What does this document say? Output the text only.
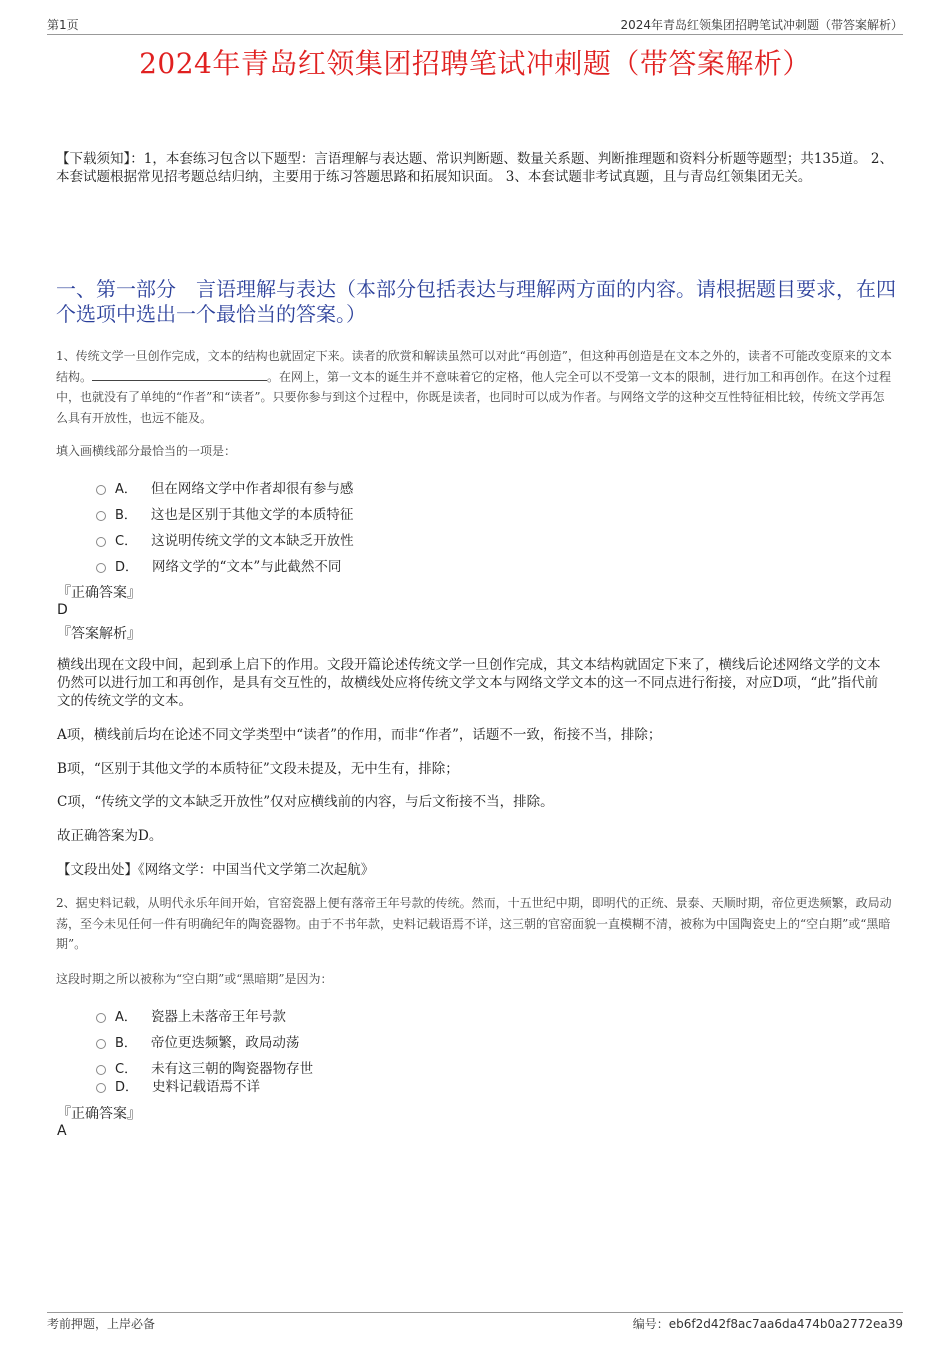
第1页	2024年青岛红领集团招聘笔试冲刺题（带答案解析）
2024年青岛红领集团招聘笔试冲刺题（带答案解析）
【下载须知】：1，本套练习包含以下题型：言语理解与表达题、常识判断题、数量关系题、判断推理题和资料分析题等题型；共135道。 2、本套试题根据常见招考题总结归纳，主要用于练习答题思路和拓展知识面。 3、本套试题非考试真题，且与青岛红领集团无关。
一、第一部分　言语理解与表达（本部分包括表达与理解两方面的内容。请根据题目要求，在四个选项中选出一个最恰当的答案。）
1、传统文学一旦创作完成，文本的结构也就固定下来。读者的欣赏和解读虽然可以对此“再创造”，但这种再创造是在文本之外的，读者不可能改变原来的文本结构。	。在网上，第一文本的诞生并不意味着它的定格，他人完全可以不受第一文本的限制，进行加工和再创作。在这个过程中，也就没有了单纯的“作者”和“读者”。只要你参与到这个过程中，你既是读者，也同时可以成为作者。与网络文学的这种交互性特征相比较，传统文学再怎么具有开放性，也远不能及。
填入画横线部分最恰当的一项是：
A． 但在网络文学中作者却很有参与感
B． 这也是区别于其他文学的本质特征
C． 这说明传统文学的文本缺乏开放性
D． 网络文学的“文本”与此截然不同
『正确答案』
D
『答案解析』
横线出现在文段中间，起到承上启下的作用。文段开篇论述传统文学一旦创作完成，其文本结构就固定下来了，横线后论述网络文学的文本仍然可以进行加工和再创作，是具有交互性的，故横线处应将传统文学文本与网络文学文本的这一不同点进行衔接，对应D项，“此”指代前文的传统文学的文本。
A项，横线前后均在论述不同文学类型中“读者”的作用，而非“作者”，话题不一致，衔接不当，排除；
B项，“区别于其他文学的本质特征”文段未提及，无中生有，排除；
C项，“传统文学的文本缺乏开放性”仅对应横线前的内容，与后文衔接不当，排除。
故正确答案为D。
【文段出处】《网络文学：中国当代文学第二次起航》
2、据史料记载，从明代永乐年间开始，官窑瓷器上便有落帝王年号款的传统。然而，十五世纪中期，即明代的正统、景泰、天顺时期，帝位更迭频繁，政局动荡，至今未见任何一件有明确纪年的陶瓷器物。由于不书年款，史料记载语焉不详，这三朝的官窑面貌一直模糊不清，被称为中国陶瓷史上的“空白期”或“黑暗期”。
这段时期之所以被称为“空白期”或“黑暗期”是因为：
A． 瓷器上未落帝王年号款
B． 帝位更迭频繁，政局动荡
C． 未有这三朝的陶瓷器物存世
D． 史料记载语焉不详
『正确答案』
A
考前押题，上岸必备	编号：eb6f2d42f8ac7aa6da474b0a2772ea39
